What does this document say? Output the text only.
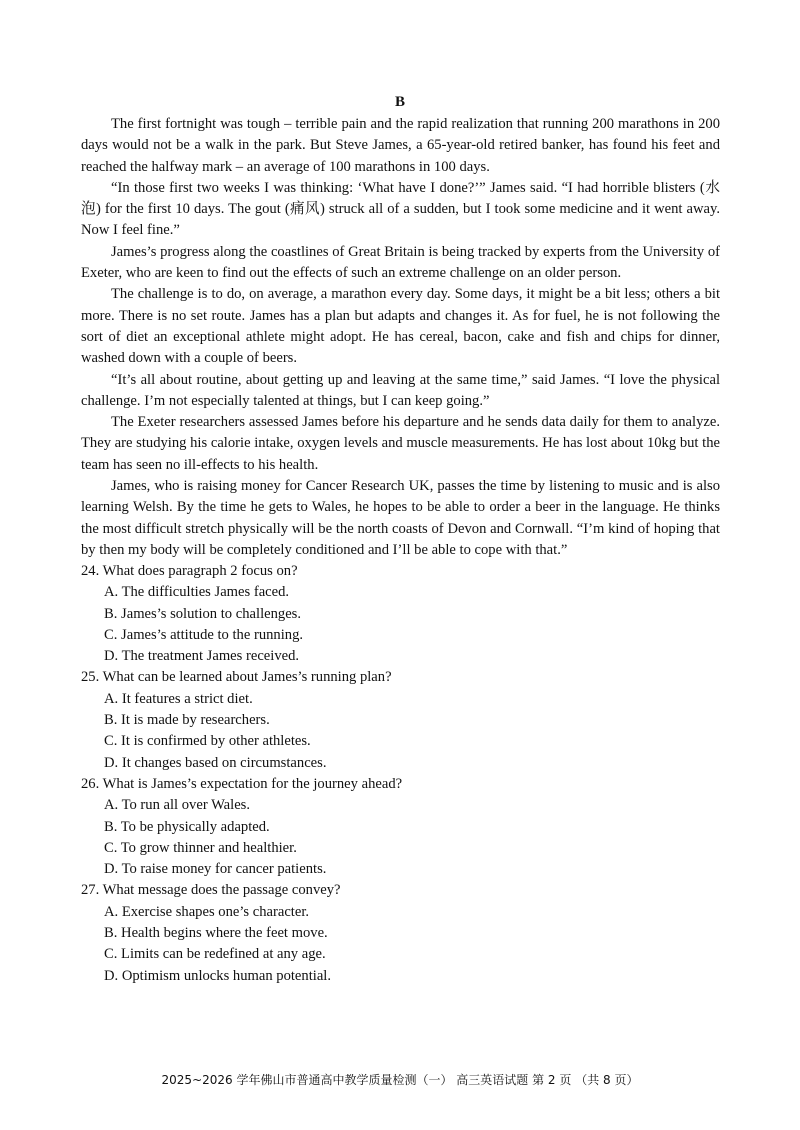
B

The first fortnight was tough – terrible pain and the rapid realization that running 200 marathons in 200 days would not be a walk in the park. But Steve James, a 65-year-old retired banker, has found his feet and reached the halfway mark – an average of 100 marathons in 100 days.

“In those first two weeks I was thinking: ‘What have I done?’” James said. “I had horrible blisters (水泡) for the first 10 days. The gout (痛风) struck all of a sudden, but I took some medicine and it went away. Now I feel fine.”

James’s progress along the coastlines of Great Britain is being tracked by experts from the University of Exeter, who are keen to find out the effects of such an extreme challenge on an older person.

The challenge is to do, on average, a marathon every day. Some days, it might be a bit less; others a bit more. There is no set route. James has a plan but adapts and changes it. As for fuel, he is not following the sort of diet an exceptional athlete might adopt. He has cereal, bacon, cake and fish and chips for dinner, washed down with a couple of beers.

“It’s all about routine, about getting up and leaving at the same time,” said James. “I love the physical challenge. I’m not especially talented at things, but I can keep going.”

The Exeter researchers assessed James before his departure and he sends data daily for them to analyze. They are studying his calorie intake, oxygen levels and muscle measurements. He has lost about 10kg but the team has seen no ill-effects to his health.

James, who is raising money for Cancer Research UK, passes the time by listening to music and is also learning Welsh. By the time he gets to Wales, he hopes to be able to order a beer in the language. He thinks the most difficult stretch physically will be the north coasts of Devon and Cornwall. “I’m kind of hoping that by then my body will be completely conditioned and I’ll be able to cope with that.”

24. What does paragraph 2 focus on?
A. The difficulties James faced.
B. James’s solution to challenges.
C. James’s attitude to the running.
D. The treatment James received.
25. What can be learned about James’s running plan?
A. It features a strict diet.
B. It is made by researchers.
C. It is confirmed by other athletes.
D. It changes based on circumstances.
26. What is James’s expectation for the journey ahead?
A. To run all over Wales.
B. To be physically adapted.
C. To grow thinner and healthier.
D. To raise money for cancer patients.
27. What message does the passage convey?
A. Exercise shapes one’s character.
B. Health begins where the feet move.
C. Limits can be redefined at any age.
D. Optimism unlocks human potential.
2025~2026 学年佛山市普通高中教学质量检测（一） 高三英语试题 第 2 页 （共 8 页）
